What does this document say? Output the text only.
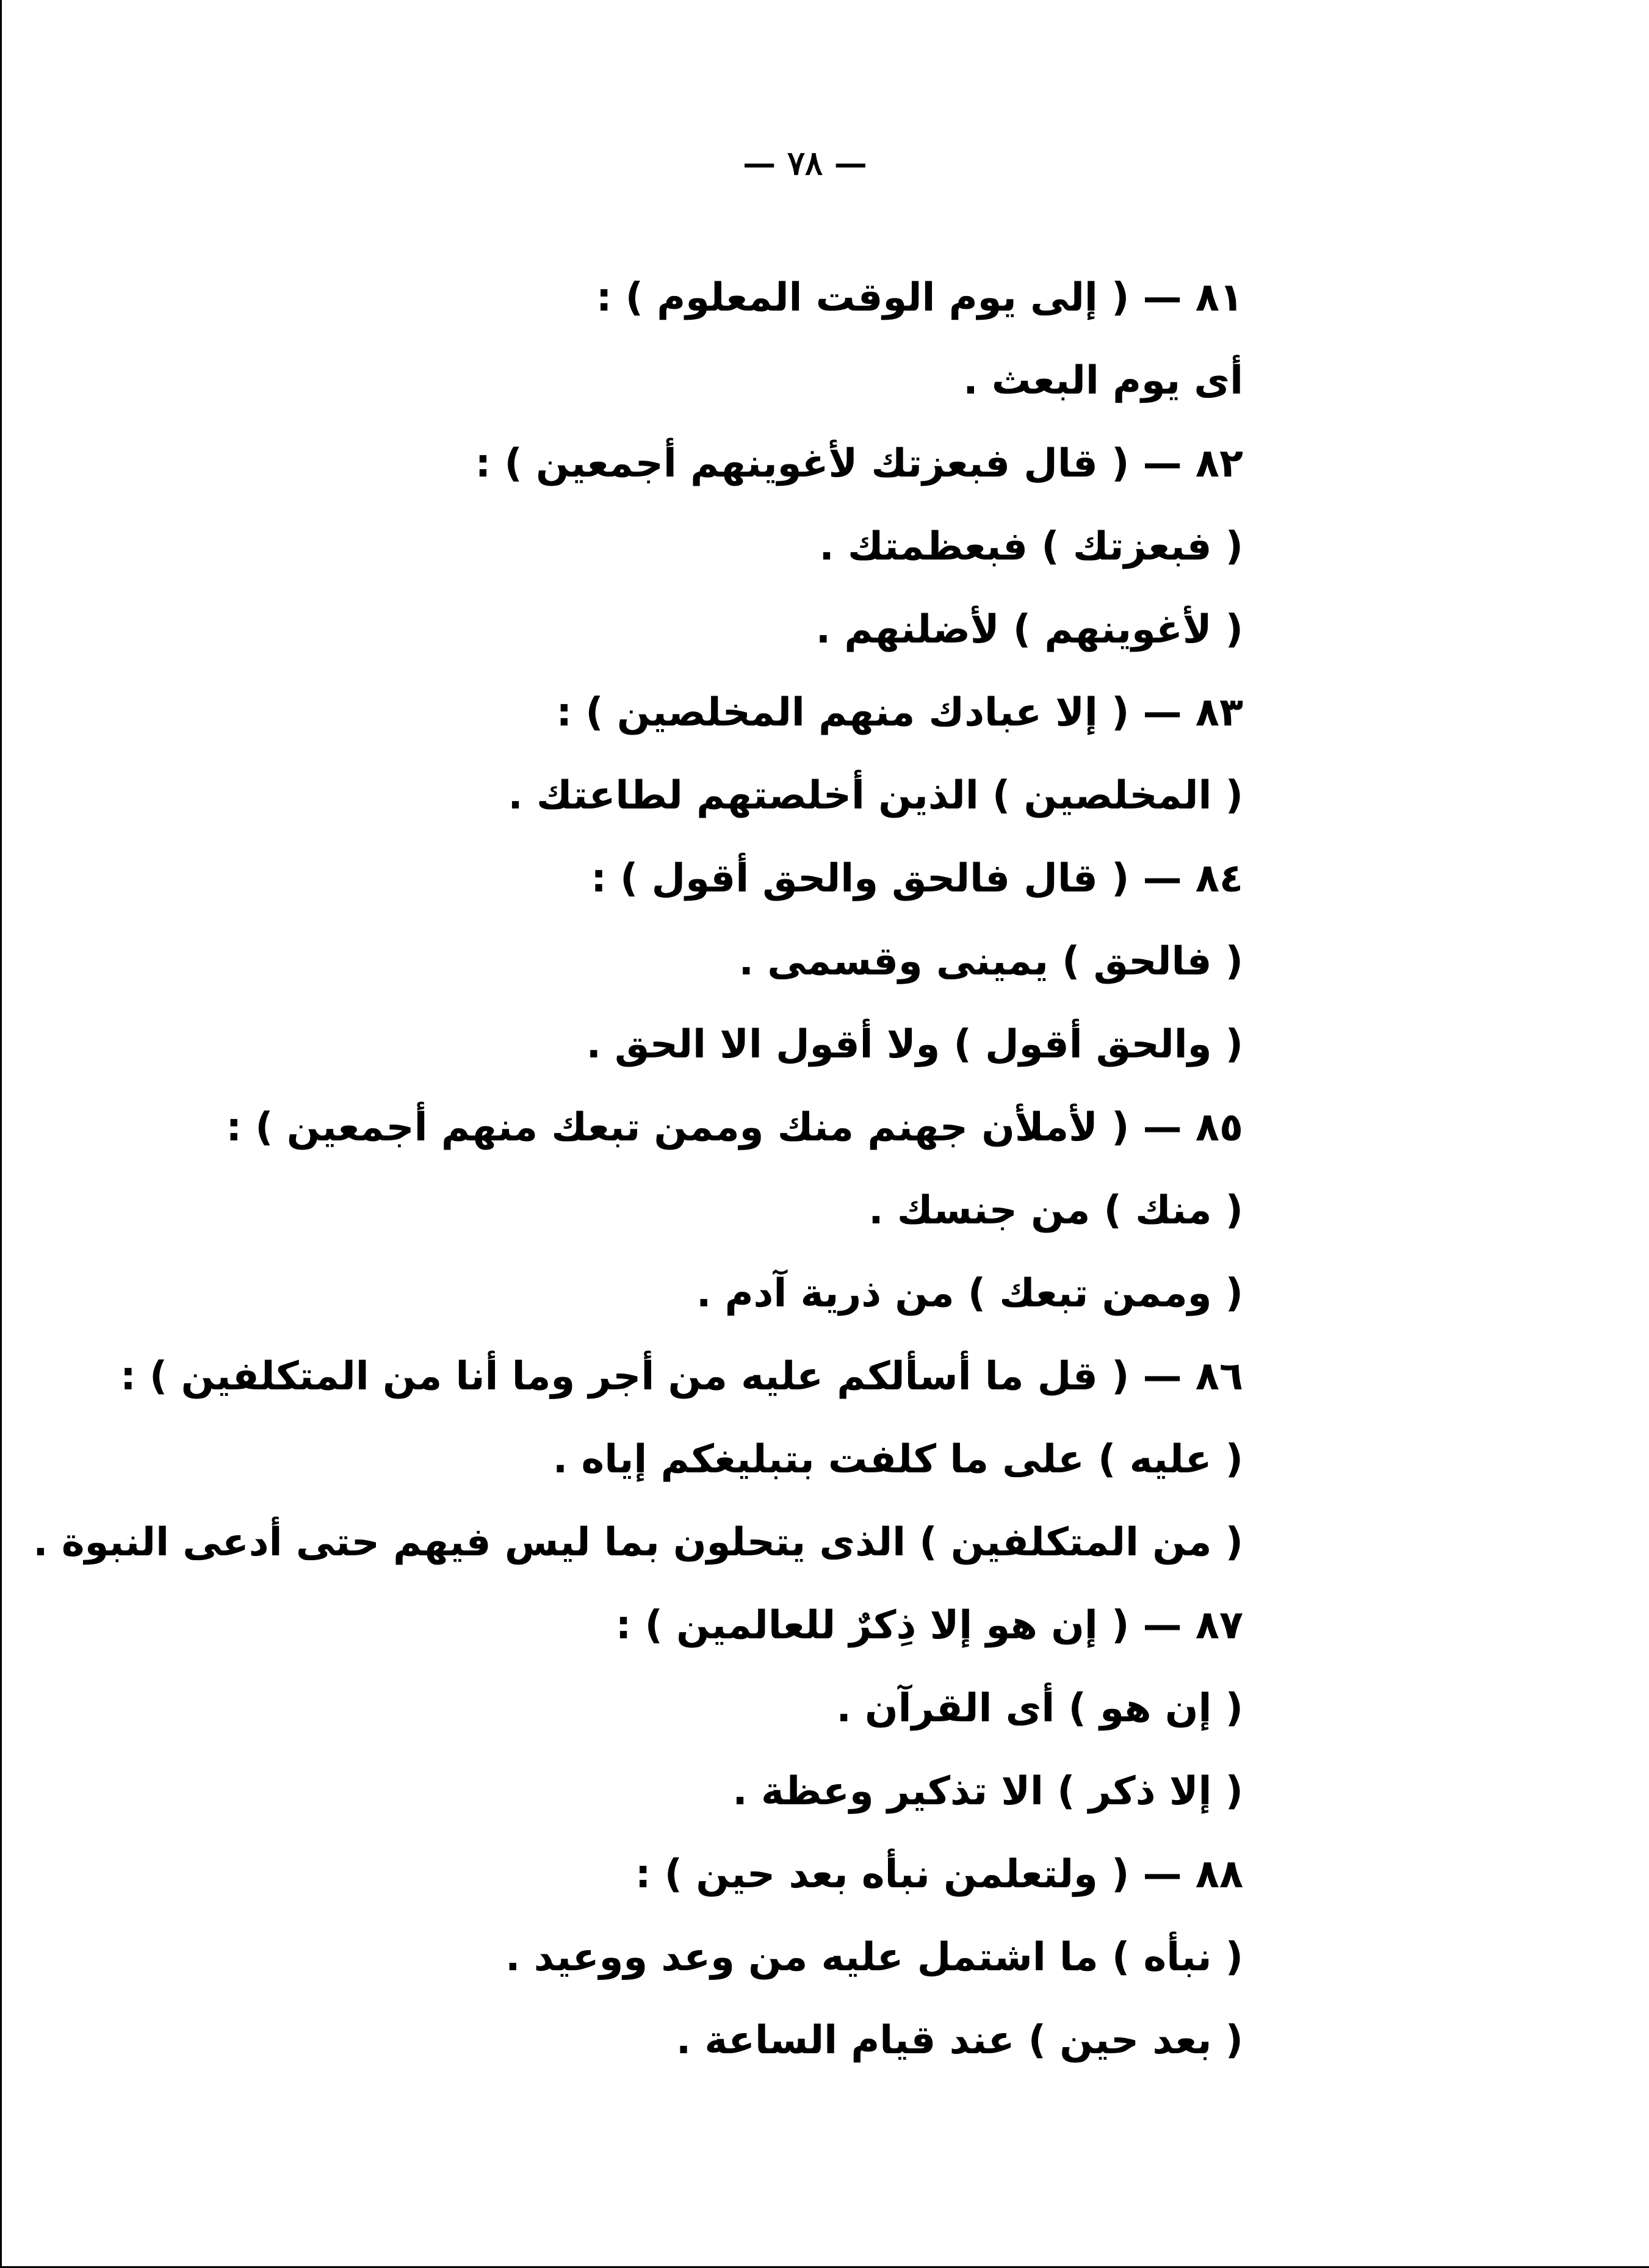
— ٧٨ —
٨١ — ( إلى يوم الوقت المعلوم ) :
أى يوم البعث .
٨٢ — ( قال فبعزتك لأغوينهم أجمعين ) :
( فبعزتك ) فبعظمتك .
( لأغوينهم ) لأضلنهم .
٨٣ — ( إلا عبادك منهم المخلصين ) :
( المخلصين ) الذين أخلصتهم لطاعتك .
٨٤ — ( قال فالحق والحق أقول ) :
( فالحق ) يمينى وقسمى .
( والحق أقول ) ولا أقول الا الحق .
٨٥ — ( لأملأن جهنم منك وممن تبعك منهم أجمعين ) :
( منك ) من جنسك .
( وممن تبعك ) من ذرية آدم .
٨٦ — ( قل ما أسألكم عليه من أجر وما أنا من المتكلفين ) :
( عليه ) على ما كلفت بتبليغكم إياه .
( من المتكلفين ) الذى يتحلون بما ليس فيهم حتى أدعى النبوة .
٨٧ — ( إن هو إلا ذِكرٌ للعالمين ) :
( إن هو ) أى القرآن .
( إلا ذكر ) الا تذكير وعظة .
٨٨ — ( ولتعلمن نبأه بعد حين ) :
( نبأه ) ما اشتمل عليه من وعد ووعيد .
( بعد حين ) عند قيام الساعة .
